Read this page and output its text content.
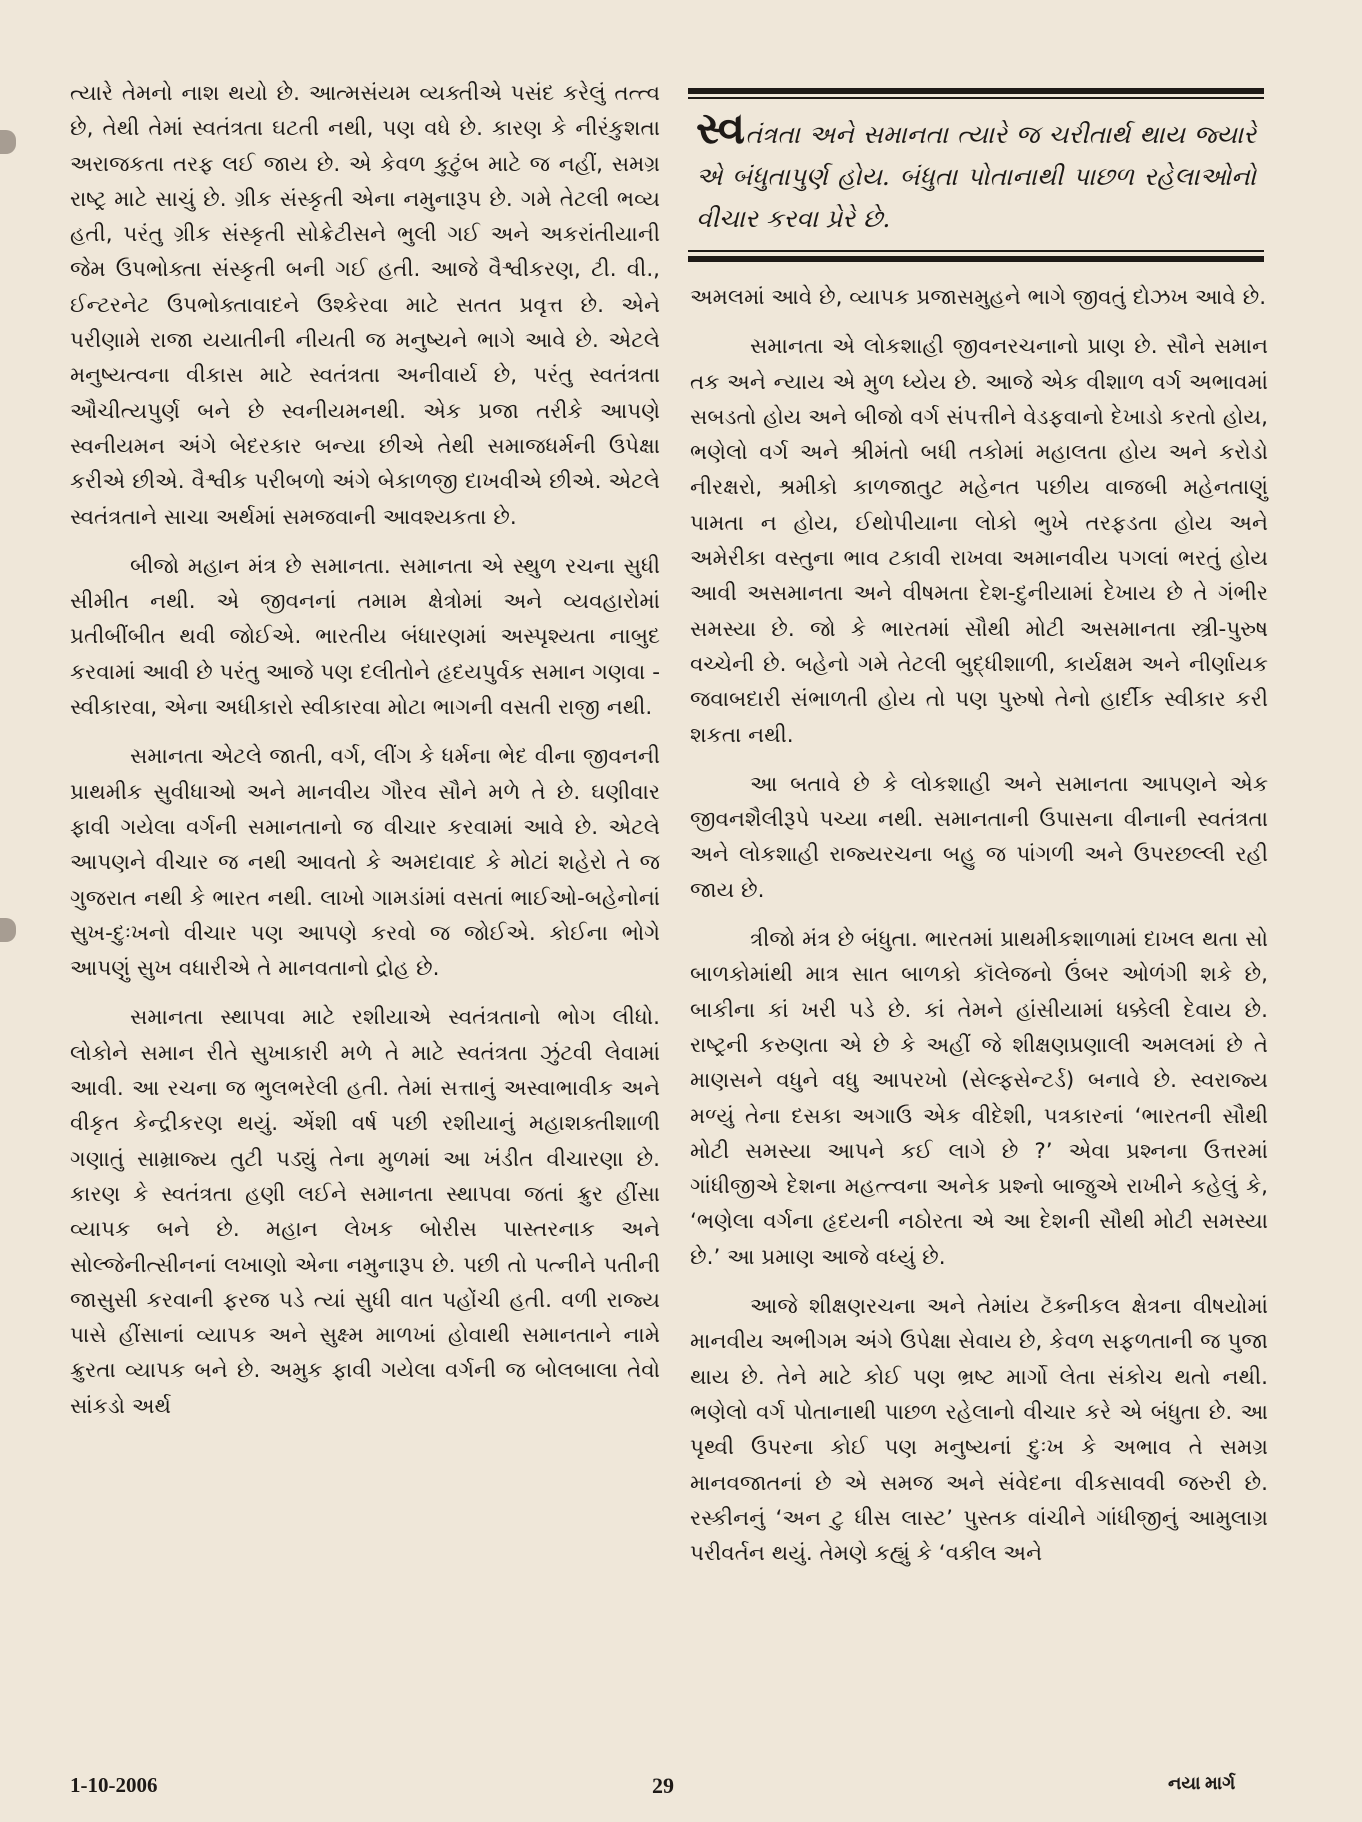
ત્યારે તેમનો નાશ થયો છે. આત્મસંયમ વ્યક્તીએ પસંદ કરેલું તત્ત્વ છે, તેથી તેમાં સ્વતંત્રતા ઘટતી નથી, પણ વધે છે. કારણ કે નીરંકુશતા અરાજકતા તરફ લઈ જાય છે. એ કેવળ કુટુંબ માટે જ નહીં, સમગ્ર રાષ્ટ્ર માટે સાચું છે. ગ્રીક સંસ્કૃતી એના નમુનારૂપ છે. ગમે તેટલી ભવ્ય હતી, પરંતુ ગ્રીક સંસ્કૃતી સોક્રેટીસને ભુલી ગઈ અને અકરાંતીયાની જેમ ઉપભોક્તા સંસ્કૃતી બની ગઈ હતી. આજે વૈશ્વીકરણ, ટી. વી., ઈન્ટરનેટ ઉપભોક્તાવાદને ઉશ્કેરવા માટે સતત પ્રવૃત્ત છે. એને પરીણામે રાજા યયાતીની નીયતી જ મનુષ્યને ભાગે આવે છે. એટલે મનુષ્યત્વના વીકાસ માટે સ્વતંત્રતા અનીવાર્ય છે, પરંતુ સ્વતંત્રતા ઔચીત્યપુર્ણ બને છે સ્વનીયમનથી. એક પ્રજા તરીકે આપણે સ્વનીયમન અંગે બેદરકાર બન્યા છીએ તેથી સમાજધર્મની ઉપેક્ષા કરીએ છીએ. વૈશ્વીક પરીબળો અંગે બેકાળજી દાખવીએ છીએ. એટલે સ્વતંત્રતાને સાચા અર્થમાં સમજવાની આવશ્યકતા છે.

બીજો મહાન મંત્ર છે સમાનતા. સમાનતા એ સ્થુળ રચના સુધી સીમીત નથી. એ જીવનનાં તમામ ક્ષેત્રોમાં અને વ્યવહારોમાં પ્રતીબીંબીત થવી જોઈએ. ભારતીય બંધારણમાં અસ્પૃશ્યતા નાબુદ કરવામાં આવી છે પરંતુ આજે પણ દલીતોને હૃદયપુર્વક સમાન ગણવા - સ્વીકારવા, એના અધીકારો સ્વીકારવા મોટા ભાગની વસતી રાજી નથી.

સમાનતા એટલે જાતી, વર્ગ, લીંગ કે ધર્મના ભેદ વીના જીવનની પ્રાથમીક સુવીધાઓ અને માનવીય ગૌરવ સૌને મળે તે છે. ઘણીવાર ફાવી ગયેલા વર્ગની સમાનતાનો જ વીચાર કરવામાં આવે છે. એટલે આપણને વીચાર જ નથી આવતો કે અમદાવાદ કે મોટાં શહેરો તે જ ગુજરાત નથી કે ભારત નથી. લાખો ગામડાંમાં વસતાં ભાઈઓ-બહેનોનાં સુખ-દુઃખનો વીચાર પણ આપણે કરવો જ જોઈએ. કોઈના ભોગે આપણું સુખ વધારીએ તે માનવતાનો દ્રોહ છે.

સમાનતા સ્થાપવા માટે રશીયાએ સ્વતંત્રતાનો ભોગ લીધો. લોકોને સમાન રીતે સુખાકારી મળે તે માટે સ્વતંત્રતા ઝુંટવી લેવામાં આવી. આ રચના જ ભુલભરેલી હતી. તેમાં સત્તાનું અસ્વાભાવીક અને વીકૃત કેન્દ્રીકરણ થયું. એંશી વર્ષ પછી રશીયાનું મહાશક્તીશાળી ગણાતું સામ્રાજ્ય તુટી પડ્યું તેના મુળમાં આ ખંડીત વીચારણા છે. કારણ કે સ્વતંત્રતા હણી લઈને સમાનતા સ્થાપવા જતાં ક્રુર હીંસા વ્યાપક બને છે. મહાન લેખક બોરીસ પાસ્તરનાક અને સોલ્જેનીત્સીનનાં લખાણો એના નમુનારૂપ છે. પછી તો પત્નીને પતીની જાસુસી કરવાની ફરજ પડે ત્યાં સુધી વાત પહોંચી હતી. વળી રાજ્ય પાસે હીંસાનાં વ્યાપક અને સુક્ષ્મ માળખાં હોવાથી સમાનતાને નામે ક્રુરતા વ્યાપક બને છે. અમુક ફાવી ગયેલા વર્ગની જ બોલબાલા તેવો સાંકડો અર્થ

સ્વતંત્રતા અને સમાનતા ત્યારે જ ચરીતાર્થ થાય જ્યારે એ બંધુતાપુર્ણ હોય. બંધુતા પોતાનાથી પાછળ રહેલાઓનો વીચાર કરવા પ્રેરે છે.

અમલમાં આવે છે, વ્યાપક પ્રજાસમુહને ભાગે જીવતું દોઝખ આવે છે.

સમાનતા એ લોકશાહી જીવનરચનાનો પ્રાણ છે. સૌને સમાન તક અને ન્યાય એ મુળ ધ્યેય છે. આજે એક વીશાળ વર્ગ અભાવમાં સબડતો હોય અને બીજો વર્ગ સંપત્તીને વેડફવાનો દેખાડો કરતો હોય, ભણેલો વર્ગ અને શ્રીમંતો બધી તકોમાં મહાલતા હોય અને કરોડો નીરક્ષરો, શ્રમીકો કાળજાતુટ મહેનત પછીય વાજબી મહેનતાણું પામતા ન હોય, ઈથોપીયાના લોકો ભુખે તરફડતા હોય અને અમેરીકા વસ્તુના ભાવ ટકાવી રાખવા અમાનવીય પગલાં ભરતું હોય આવી અસમાનતા અને વીષમતા દેશ-દુનીયામાં દેખાય છે તે ગંભીર સમસ્યા છે. જો કે ભારતમાં સૌથી મોટી અસમાનતા સ્ત્રી-પુરુષ વચ્ચેની છે. બહેનો ગમે તેટલી બુદ્ધીશાળી, કાર્યક્ષમ અને નીર્ણાયક જવાબદારી સંભાળતી હોય તો પણ પુરુષો તેનો હાર્દીક સ્વીકાર કરી શકતા નથી.

આ બતાવે છે કે લોકશાહી અને સમાનતા આપણને એક જીવનશૈલીરૂપે પચ્યા નથી. સમાનતાની ઉપાસના વીનાની સ્વતંત્રતા અને લોકશાહી રાજ્યરચના બહુ જ પાંગળી અને ઉપરછલ્લી રહી જાય છે.

ત્રીજો મંત્ર છે બંધુતા. ભારતમાં પ્રાથમીકશાળામાં દાખલ થતા સો બાળકોમાંથી માત્ર સાત બાળકો કૉલેજનો ઉંબર ઓળંગી શકે છે, બાકીના કાં ખરી પડે છે. કાં તેમને હાંસીયામાં ધક્કેલી દેવાય છે. રાષ્ટ્રની કરુણતા એ છે કે અહીં જે શીક્ષણપ્રણાલી અમલમાં છે તે માણસને વધુને વધુ આપરખો (સેલ્ફસેન્ટર્ડ) બનાવે છે. સ્વરાજ્ય મળ્યું તેના દસકા અગાઉ એક વીદેશી, પત્રકારનાં ‘ભારતની સૌથી મોટી સમસ્યા આપને કઈ લાગે છે ?’ એવા પ્રશ્નના ઉત્તરમાં ગાંધીજીએ દેશના મહત્ત્વના અનેક પ્રશ્નો બાજુએ રાખીને કહેલું કે, ‘ભણેલા વર્ગના હૃદયની નઠોરતા એ આ દેશની સૌથી મોટી સમસ્યા છે.’ આ પ્રમાણ આજે વધ્યું છે.

આજે શીક્ષણરચના અને તેમાંય ટૅક્નીકલ ક્ષેત્રના વીષયોમાં માનવીય અભીગમ અંગે ઉપેક્ષા સેવાય છે, કેવળ સફળતાની જ પુજા થાય છે. તેને માટે કોઈ પણ ભ્રષ્ટ માર્ગો લેતા સંકોચ થતો નથી. ભણેલો વર્ગ પોતાનાથી પાછળ રહેલાનો વીચાર કરે એ બંધુતા છે. આ પૃથ્વી ઉપરના કોઈ પણ મનુષ્યનાં દુઃખ કે અભાવ તે સમગ્ર માનવજાતનાં છે એ સમજ અને સંવેદના વીકસાવવી જરુરી છે. રસ્કીનનું ‘અન ટુ ધીસ લાસ્ટ’ પુસ્તક વાંચીને ગાંધીજીનું આમુલાગ્ર પરીવર્તન થયું. તેમણે કહ્યું કે ‘વકીલ અને

1-10-2006	29	નયા માર્ગ
